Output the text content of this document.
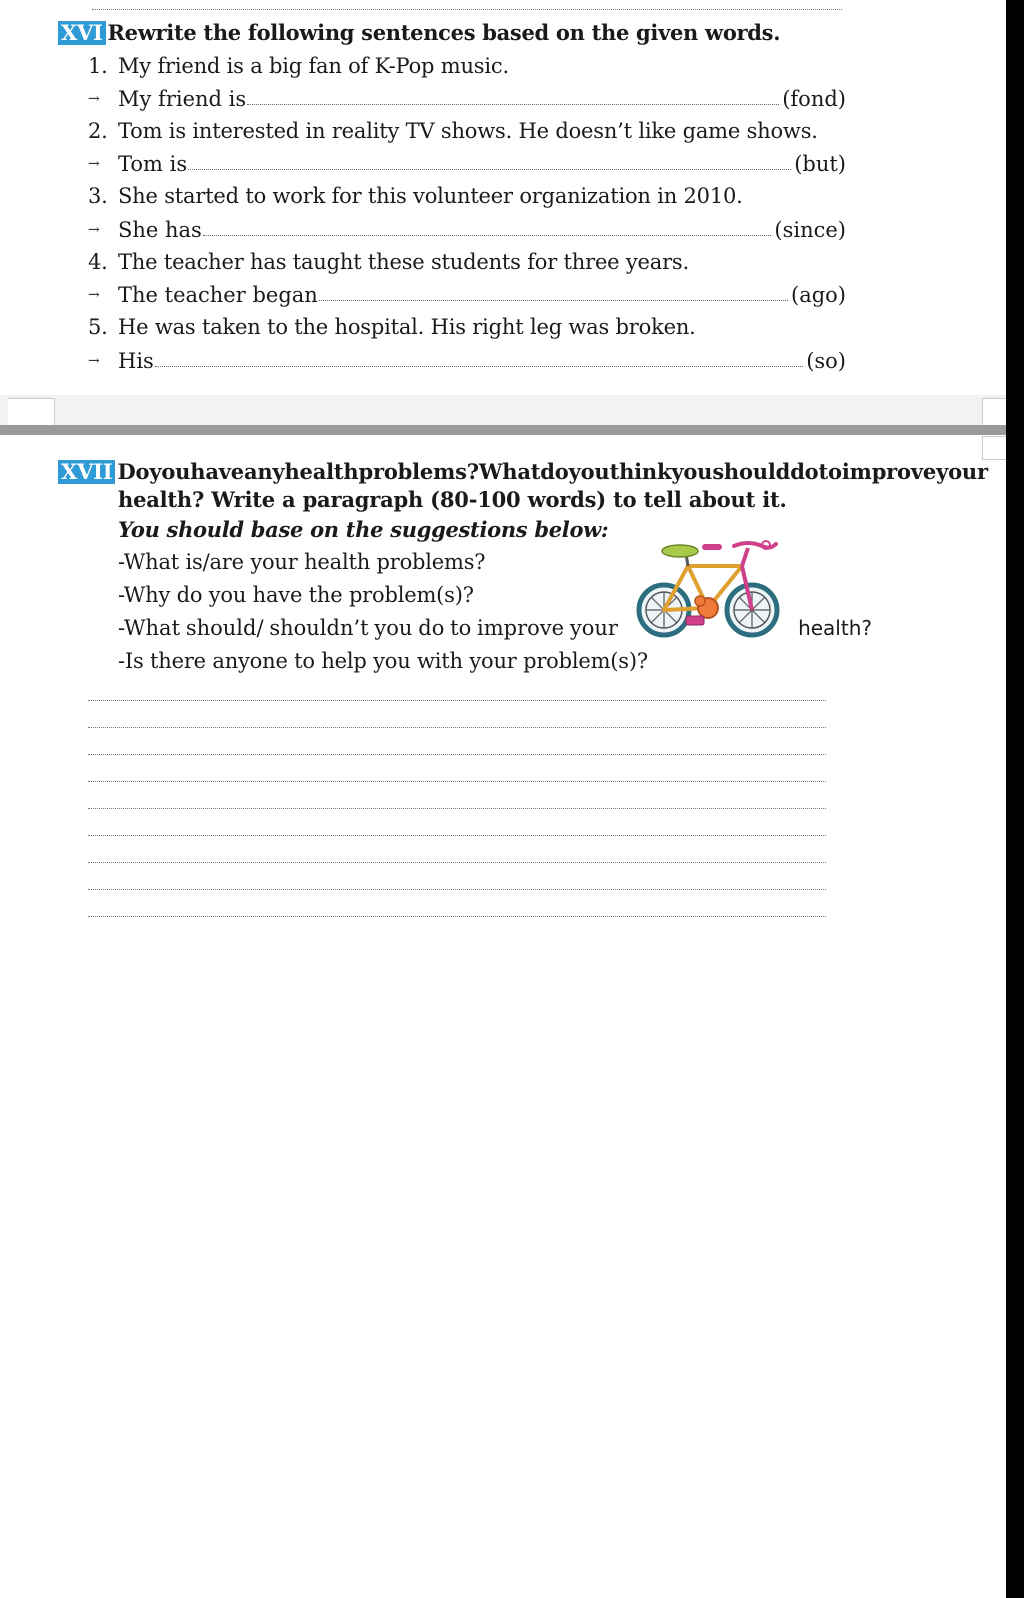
XVI Rewrite the following sentences based on the given words.
1. My friend is a big fan of K-Pop music.
→ My friend is	(fond)
2. Tom is interested in reality TV shows. He doesn’t like game shows.
→ Tom is	(but)
3. She started to work for this volunteer organization in 2010.
→ She has	(since)
4. The teacher has taught these students for three years.
→ The teacher began	(ago)
5. He was taken to the hospital. His right leg was broken.
→ His	(so)
XVII Do you have any health problems? What do you think you should do to improve your
health? Write a paragraph (80-100 words) to tell about it.
You should base on the suggestions below:
-What is/are your health problems?
-Why do you have the problem(s)?
-What should/ shouldn’t you do to improve your	health?
-Is there anyone to help you with your problem(s)?
